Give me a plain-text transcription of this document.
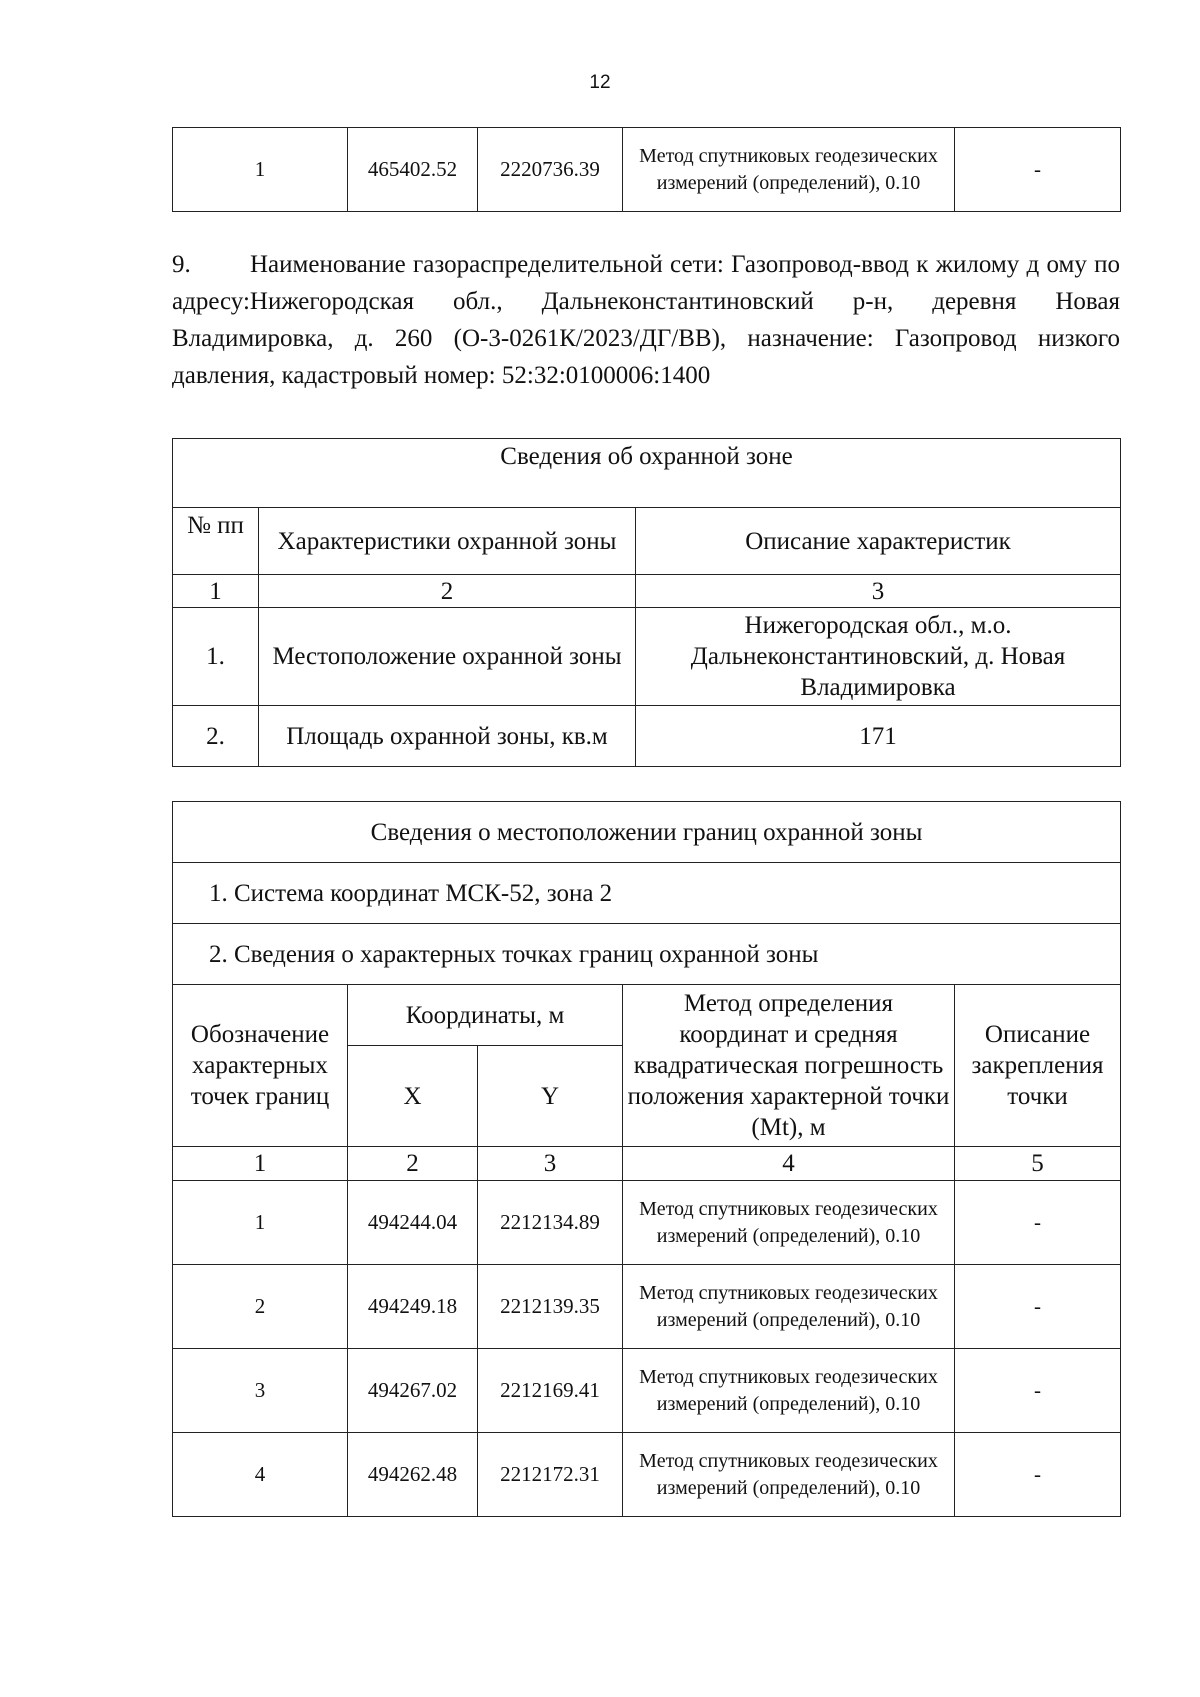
12
1	465402.52	2220736.39	Метод спутниковых геодезических измерений (определений), 0.10	-
9. Наименование газораспределительной сети: Газопровод-ввод к жилому д ому по адресу:Нижегородская обл., Дальнеконстантиновский р-н, деревня Новая Владимировка, д. 260 (О-3-0261К/2023/ДГ/ВВ), назначение: Газопровод низкого давления, кадастровый номер: 52:32:0100006:1400
Сведения об охранной зоне		
№ пп	Характеристики охранной зоны	Описание характеристик
1	2	3
1.	Местоположение охранной зоны	Нижегородская обл., м.о. Дальнеконстантиновский, д. Новая Владимировка
2.	Площадь охранной зоны, кв.м	171
Сведения о местоположении границ охранной зоны				
1. Система координат МСК-52, зона 2				
2. Сведения о характерных точках границ охранной зоны				
Обозначение характерных точек границ	Координаты, м		Метод определения координат и средняя квадратическая погрешность положения характерной точки (Mt), м	Описание закрепления точки
	X	Y		
1	2	3	4	5
1	494244.04	2212134.89	Метод спутниковых геодезических измерений (определений), 0.10	-
2	494249.18	2212139.35	Метод спутниковых геодезических измерений (определений), 0.10	-
3	494267.02	2212169.41	Метод спутниковых геодезических измерений (определений), 0.10	-
4	494262.48	2212172.31	Метод спутниковых геодезических измерений (определений), 0.10	-
